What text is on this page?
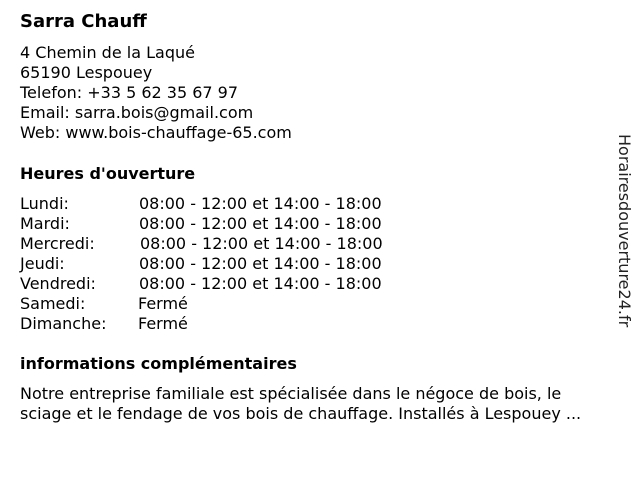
Sarra Chauff
4 Chemin de la Laqué
65190 Lespouey
Telefon: +33 5 62 35 67 97
Email: sarra.bois@gmail.com
Web: www.bois-chauffage-65.com
Heures d'ouverture
Lundi:	08:00 - 12:00 et 14:00 - 18:00
Mardi:	08:00 - 12:00 et 14:00 - 18:00
Mercredi:	08:00 - 12:00 et 14:00 - 18:00
Jeudi:	08:00 - 12:00 et 14:00 - 18:00
Vendredi:	08:00 - 12:00 et 14:00 - 18:00
Samedi:	Fermé
Dimanche: Fermé
informations complémentaires
Notre entreprise familiale est spécialisée dans le négoce de bois, le
sciage et le fendage de vos bois de chauffage. Installés à Lespouey ...
Horairesdouverture24.fr
